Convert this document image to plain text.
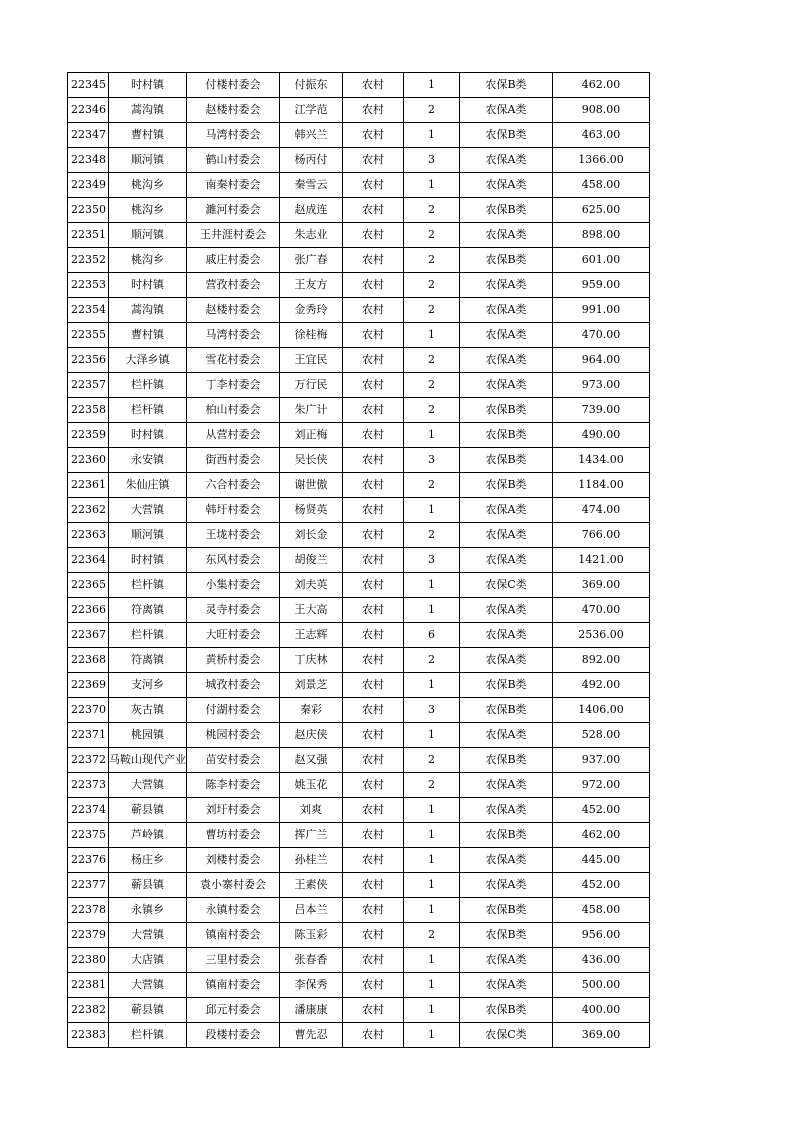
22345	时村镇	付楼村委会	付振东	农村	1	农保B类	462.00
22346	蒿沟镇	赵楼村委会	江学范	农村	2	农保A类	908.00
22347	曹村镇	马湾村委会	韩兴兰	农村	1	农保B类	463.00
22348	顺河镇	鹤山村委会	杨丙付	农村	3	农保A类	1366.00
22349	桃沟乡	南秦村委会	秦雪云	农村	1	农保A类	458.00
22350	桃沟乡	濉河村委会	赵成连	农村	2	农保B类	625.00
22351	顺河镇	王井涯村委会	朱志业	农村	2	农保A类	898.00
22352	桃沟乡	戚庄村委会	张广春	农村	2	农保B类	601.00
22353	时村镇	营孜村委会	王友方	农村	2	农保A类	959.00
22354	蒿沟镇	赵楼村委会	金秀玲	农村	2	农保A类	991.00
22355	曹村镇	马湾村委会	徐桂梅	农村	1	农保A类	470.00
22356	大泽乡镇	雪花村委会	王宜民	农村	2	农保A类	964.00
22357	栏杆镇	丁李村委会	万行民	农村	2	农保A类	973.00
22358	栏杆镇	柏山村委会	朱广计	农村	2	农保B类	739.00
22359	时村镇	从营村委会	刘正梅	农村	1	农保B类	490.00
22360	永安镇	街西村委会	吴长侠	农村	3	农保B类	1434.00
22361	朱仙庄镇	六合村委会	谢世傲	农村	2	农保B类	1184.00
22362	大营镇	韩圩村委会	杨贤英	农村	1	农保A类	474.00
22363	顺河镇	王垅村委会	刘长金	农村	2	农保A类	766.00
22364	时村镇	东风村委会	胡俊兰	农村	3	农保A类	1421.00
22365	栏杆镇	小集村委会	刘夫英	农村	1	农保C类	369.00
22366	符离镇	灵寺村委会	王大高	农村	1	农保A类	470.00
22367	栏杆镇	大旺村委会	王志辉	农村	6	农保A类	2536.00
22368	符离镇	黄桥村委会	丁庆林	农村	2	农保A类	892.00
22369	支河乡	城孜村委会	刘景芝	农村	1	农保B类	492.00
22370	灰古镇	付湖村委会	秦彩	农村	3	农保B类	1406.00
22371	桃园镇	桃园村委会	赵庆侠	农村	1	农保A类	528.00
22372	马鞍山现代产业	苗安村委会	赵又强	农村	2	农保B类	937.00
22373	大营镇	陈李村委会	姚玉花	农村	2	农保A类	972.00
22374	蕲县镇	刘圩村委会	刘爽	农村	1	农保A类	452.00
22375	芦岭镇	曹坊村委会	挥广兰	农村	1	农保B类	462.00
22376	杨庄乡	刘楼村委会	孙桂兰	农村	1	农保A类	445.00
22377	蕲县镇	袁小寨村委会	王素侠	农村	1	农保A类	452.00
22378	永镇乡	永镇村委会	吕本兰	农村	1	农保B类	458.00
22379	大营镇	镇南村委会	陈玉彩	农村	2	农保B类	956.00
22380	大店镇	三里村委会	张春香	农村	1	农保A类	436.00
22381	大营镇	镇南村委会	李保秀	农村	1	农保A类	500.00
22382	蕲县镇	邱元村委会	潘康康	农村	1	农保B类	400.00
22383	栏杆镇	段楼村委会	曹先忍	农村	1	农保C类	369.00
